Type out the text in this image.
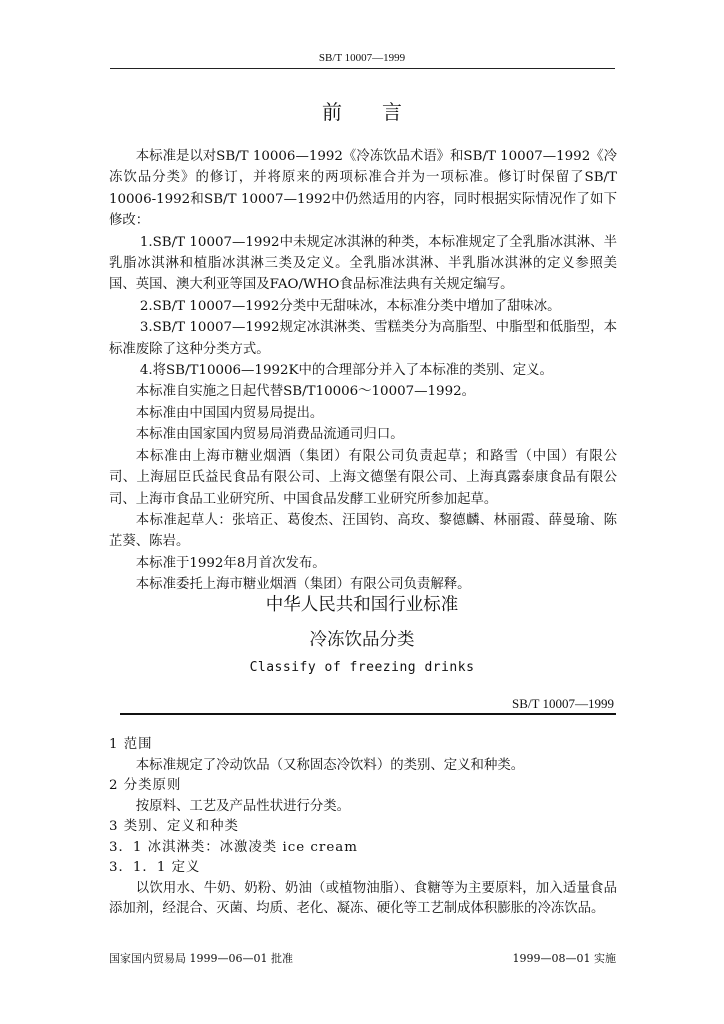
SB/T 10007—1999
前言

本标准是以对SB/T 10006—1992《冷冻饮品术语》和SB/T 10007—1992《冷冻饮品分类》的修订，并将原来的两项标准合并为一项标准。修订时保留了SB/T 10006-1992和SB/T 10007—1992中仍然适用的内容，同时根据实际情况作了如下修改：

1.SB/T 10007—1992中未规定冰淇淋的种类，本标准规定了全乳脂冰淇淋、半乳脂冰淇淋和植脂冰淇淋三类及定义。全乳脂冰淇淋、半乳脂冰淇淋的定义参照美国、英国、澳大利亚等国及FAO/WHO食品标准法典有关规定编写。

2.SB/T 10007—1992分类中无甜味冰，本标准分类中增加了甜味冰。

3.SB/T 10007—1992规定冰淇淋类、雪糕类分为高脂型、中脂型和低脂型，本标准废除了这种分类方式。

4.将SB/T10006—1992K中的合理部分并入了本标准的类别、定义。

本标准自实施之日起代替SB/T10006～10007—1992。

本标准由中国国内贸易局提出。

本标准由国家国内贸易局消费品流通司归口。

本标准由上海市糖业烟酒（集团）有限公司负责起草；和路雪（中国）有限公司、上海屈臣氏益民食品有限公司、上海文德堡有限公司、上海真露泰康食品有限公司、上海市食品工业研究所、中国食品发酵工业研究所参加起草。

本标准起草人：张培正、葛俊杰、汪国钧、高玫、黎德麟、林丽霞、薛曼瑜、陈芷葵、陈岩。

本标准于1992年8月首次发布。

本标准委托上海市糖业烟酒（集团）有限公司负责解释。

中华人民共和国行业标准
冷冻饮品分类
Classify of freezing drinks
SB/T 10007—1999

1 范围

本标准规定了冷动饮品（又称固态冷饮料）的类别、定义和种类。

2 分类原则

按原料、工艺及产品性状进行分类。

3 类别、定义和种类

3．1 冰淇淋类：冰激凌类 ice cream

3．1．1 定义

以饮用水、牛奶、奶粉、奶油（或植物油脂）、食糖等为主要原料，加入适量食品添加剂，经混合、灭菌、均质、老化、凝冻、硬化等工艺制成体积膨胀的冷冻饮品。

国家国内贸易局 1999—06—01 批准	1999—08—01 实施
